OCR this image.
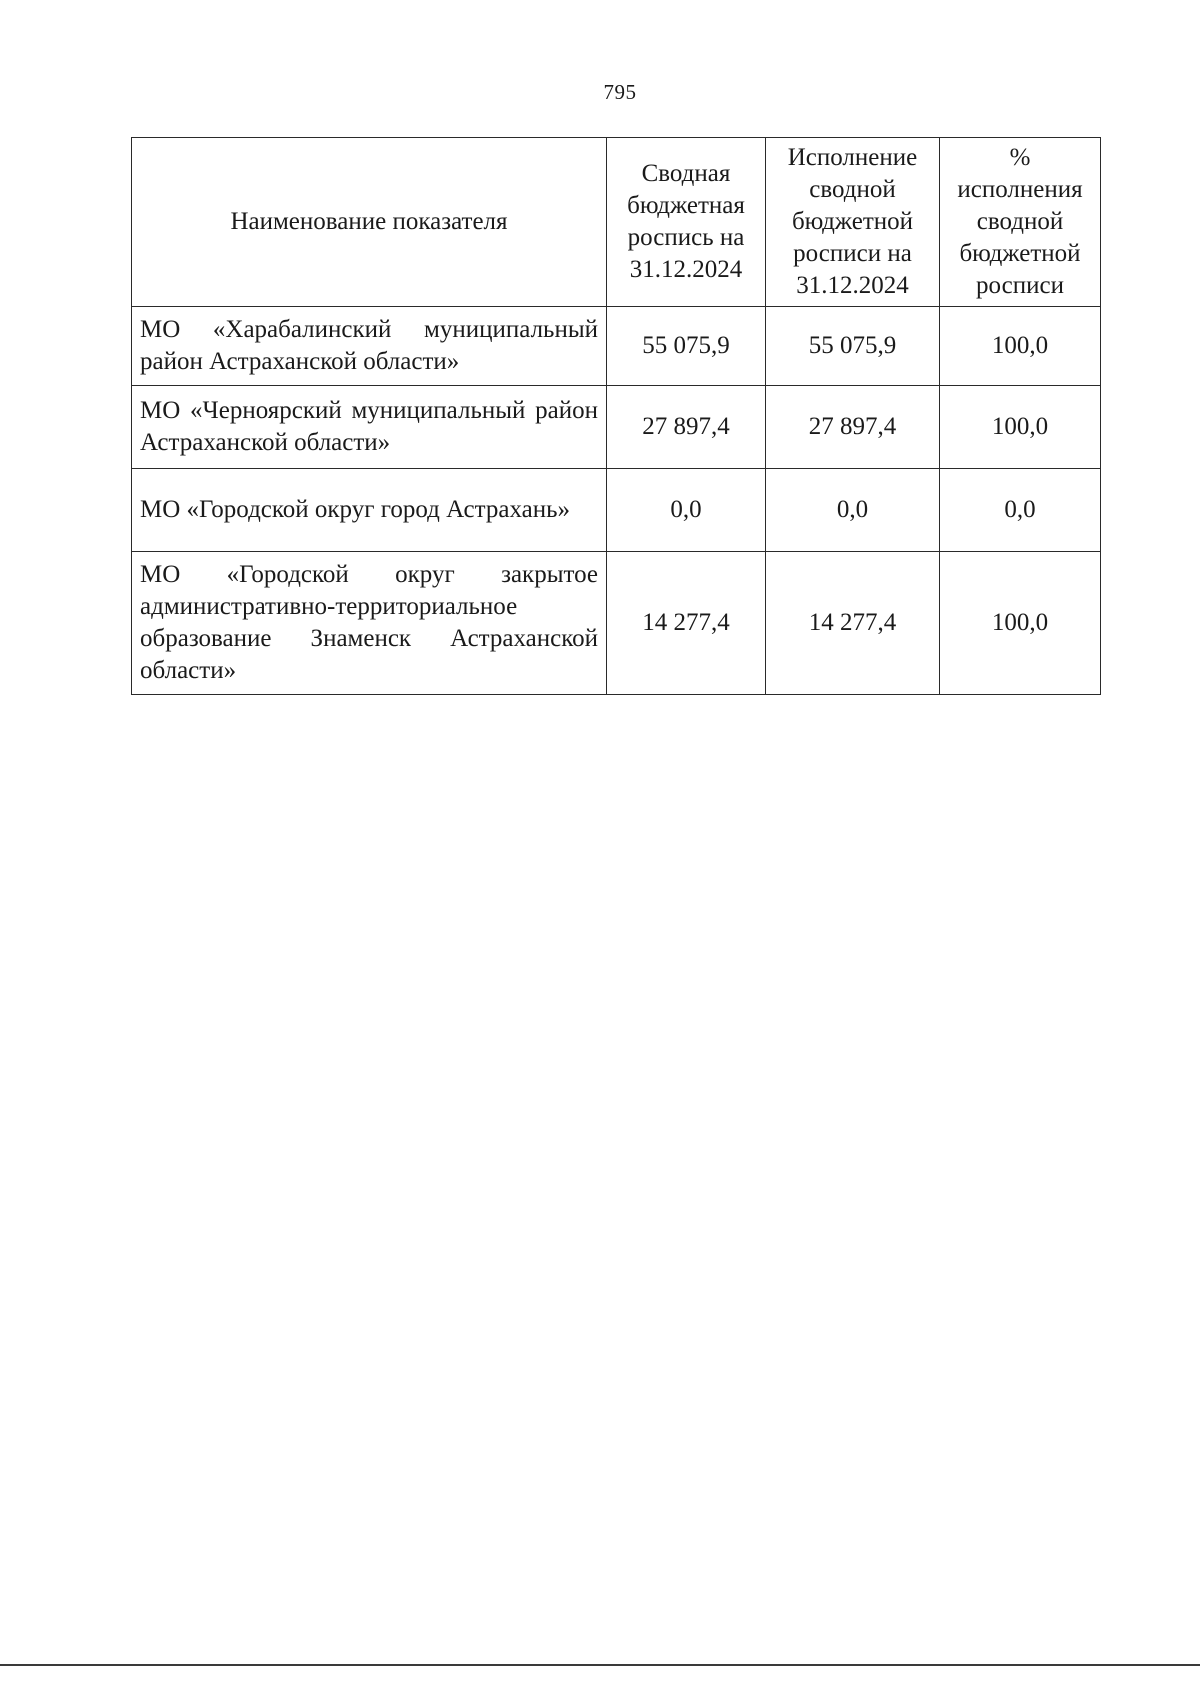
795
Наименование показателя	Сводная бюджетная роспись на 31.12.2024	Исполнение сводной бюджетной росписи на 31.12.2024	% исполнения сводной бюджетной росписи
МО «Харабалинский муниципальный район Астраханской области»	55 075,9	55 075,9	100,0
МО «Черноярский муниципальный район Астраханской области»	27 897,4	27 897,4	100,0
МО «Городской округ город Астрахань»	0,0	0,0	0,0
МО «Городской округ закрытое административно-территориальное образование Знаменск Астраханской области»	14 277,4	14 277,4	100,0
